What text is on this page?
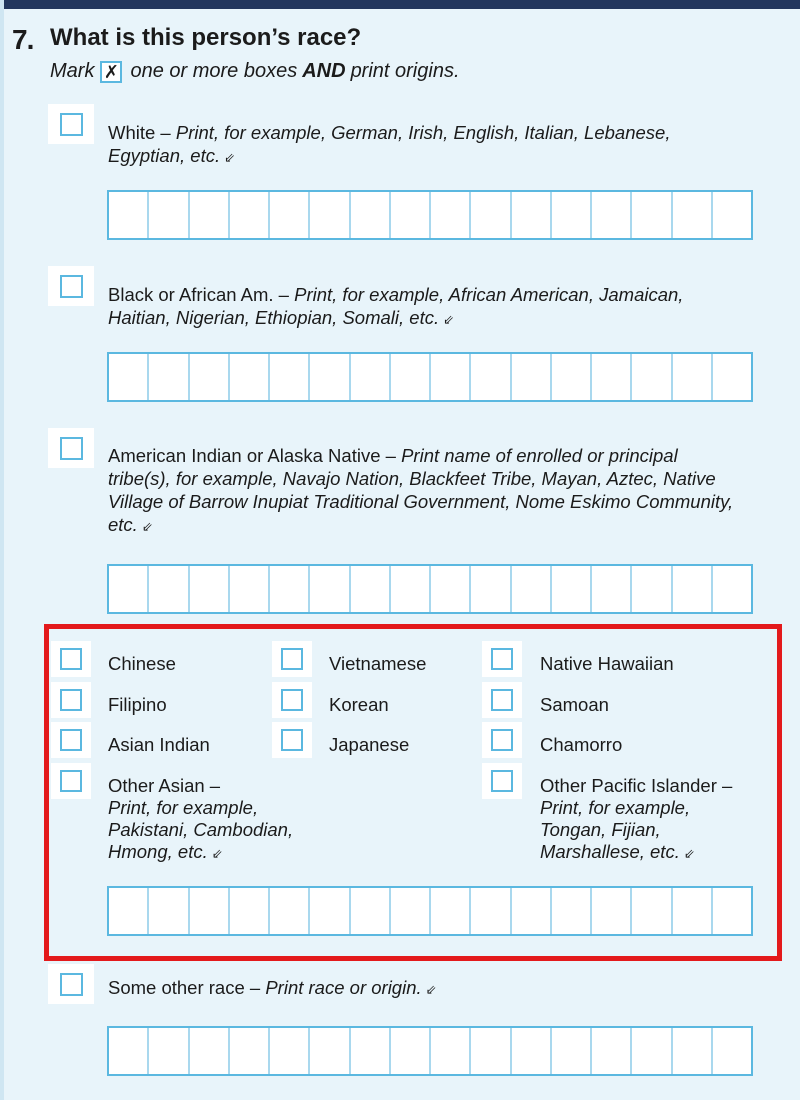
7. What is this person’s race?
Mark ✗ one or more boxes AND print origins.
White – Print, for example, German, Irish, English, Italian, Lebanese, Egyptian, etc. ⇙
Black or African Am. – Print, for example, African American, Jamaican, Haitian, Nigerian, Ethiopian, Somali, etc. ⇙
American Indian or Alaska Native – Print name of enrolled or principal tribe(s), for example, Navajo Nation, Blackfeet Tribe, Mayan, Aztec, Native Village of Barrow Inupiat Traditional Government, Nome Eskimo Community, etc. ⇙
Chinese
Filipino
Asian Indian
Other Asian –
Print, for example,
Pakistani, Cambodian,
Hmong, etc. ⇙
Vietnamese
Korean
Japanese
Native Hawaiian
Samoan
Chamorro
Other Pacific Islander –
Print, for example,
Tongan, Fijian,
Marshallese, etc. ⇙
Some other race – Print race or origin. ⇙
